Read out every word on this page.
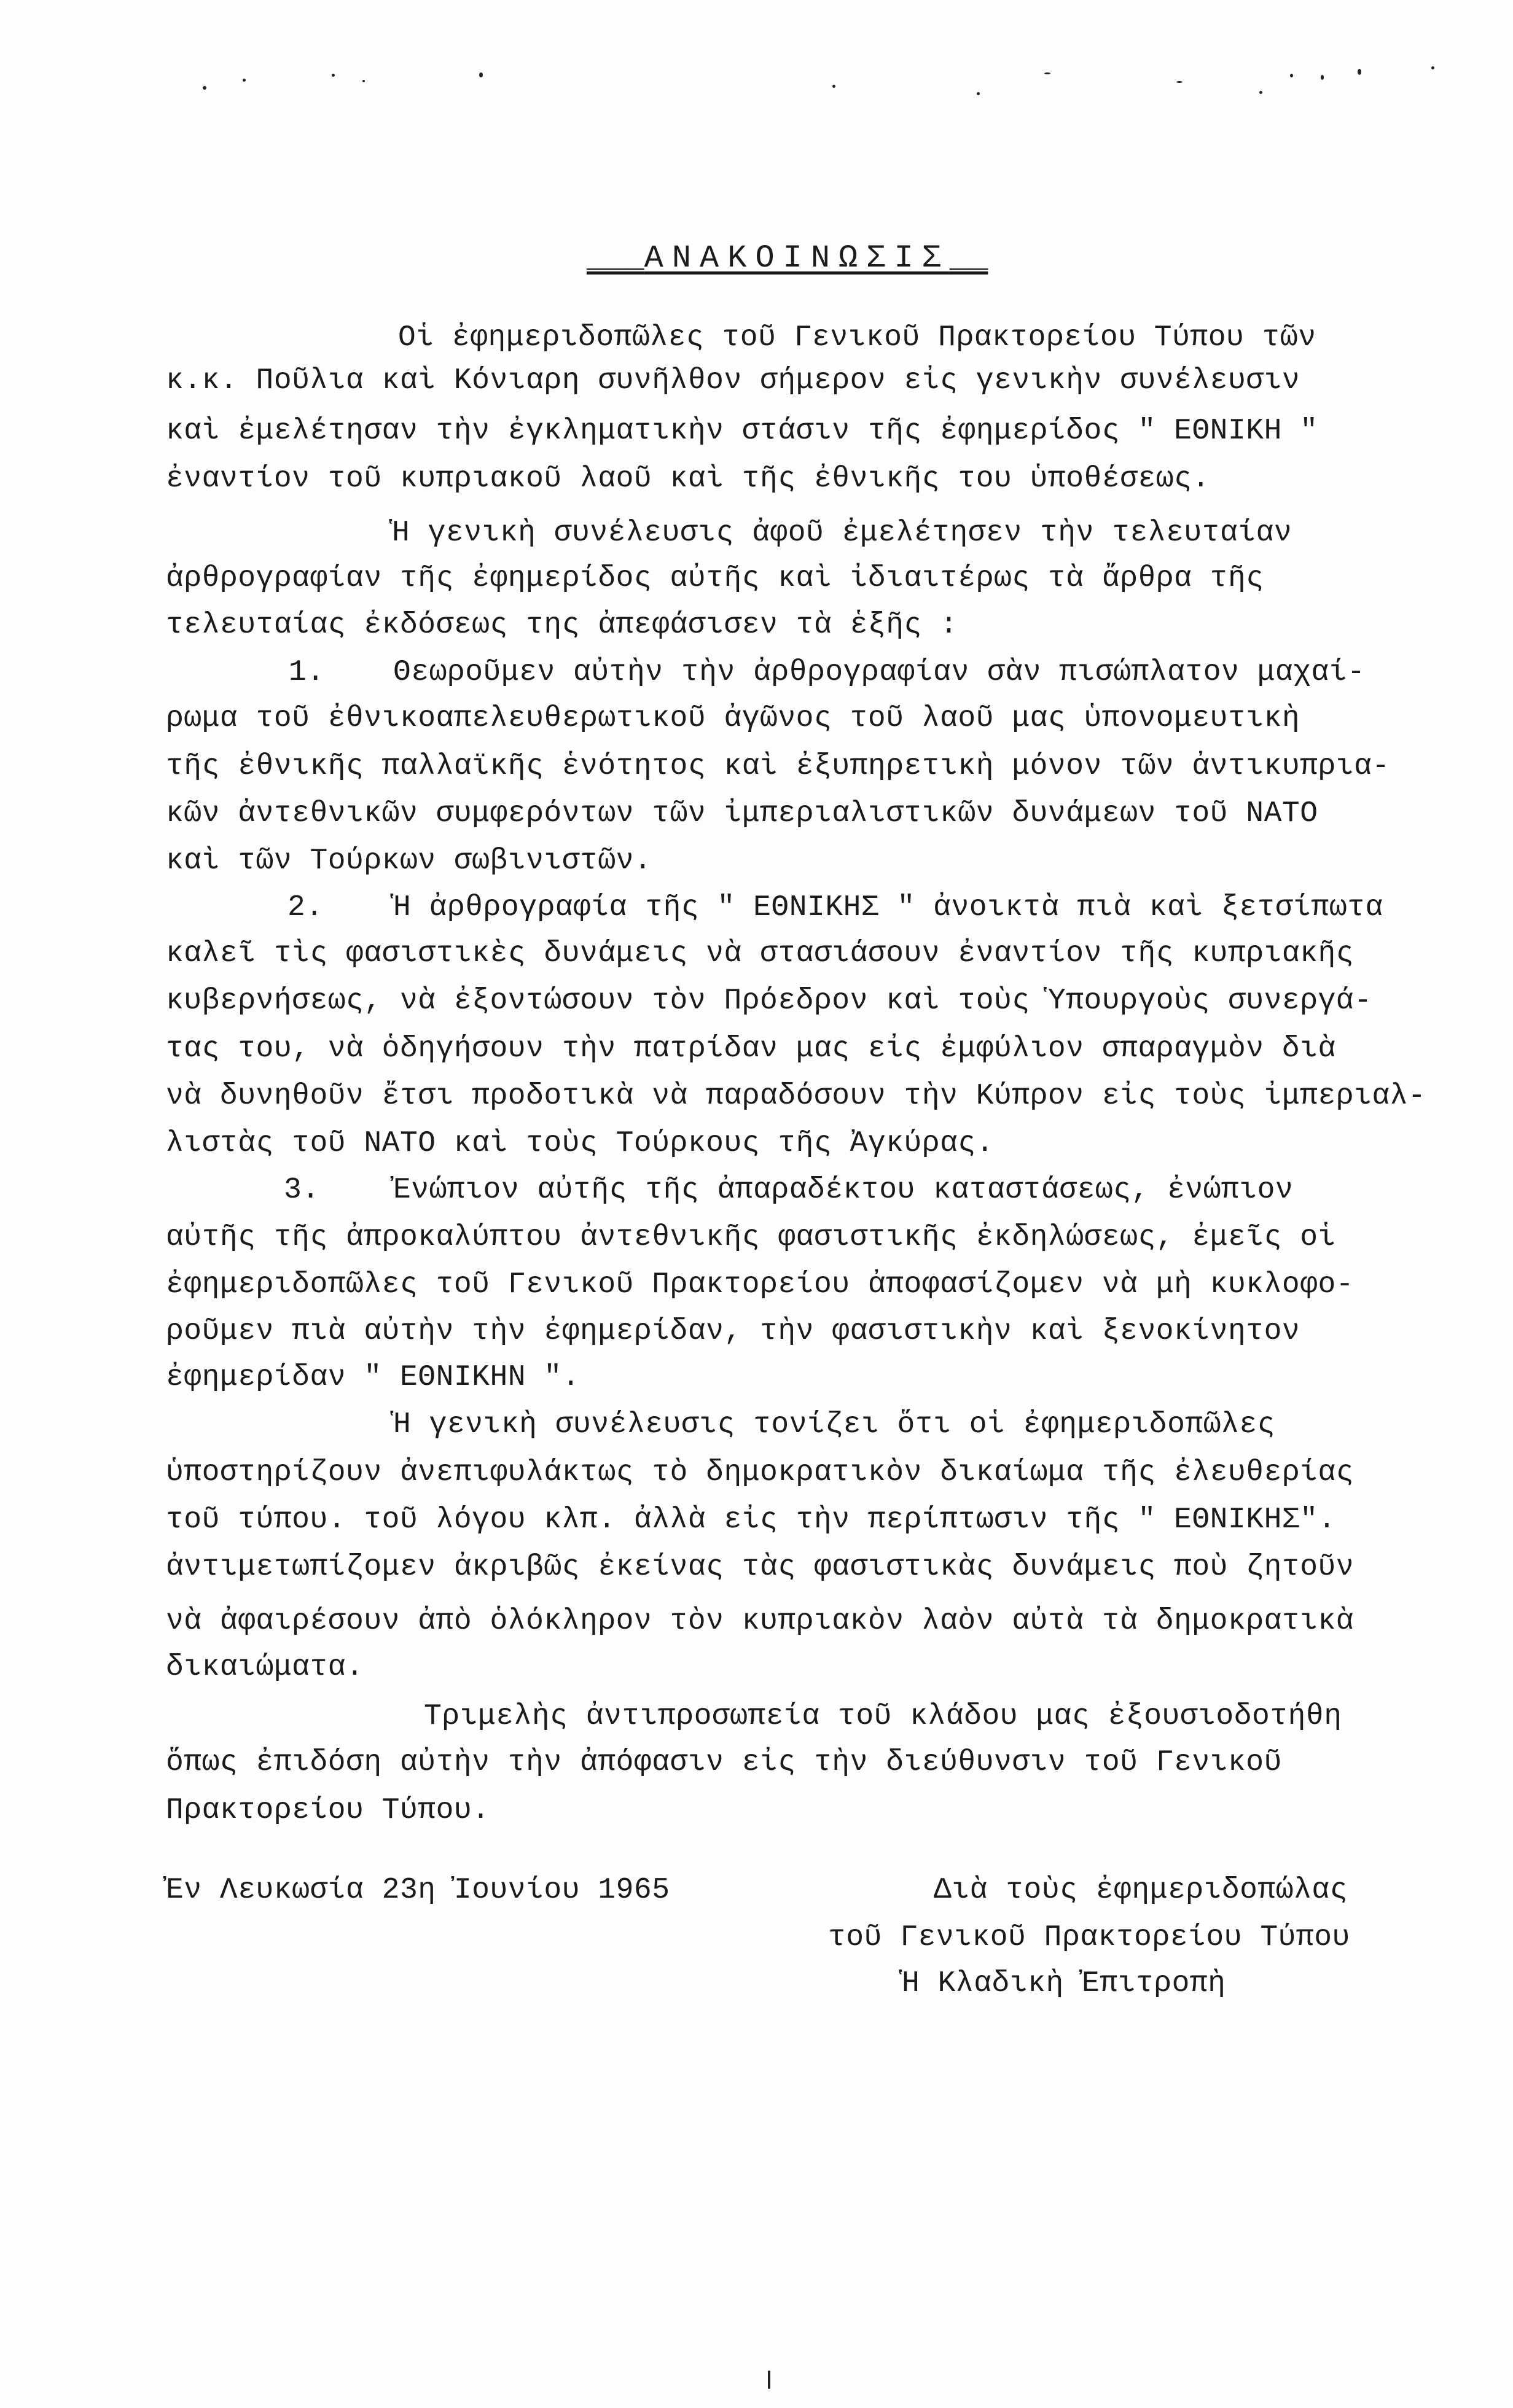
___ΑΝΑΚΟΙΝΩΣΙΣ__
Οἱ ἐφημεριδοπῶλες τοῦ Γενικοῦ Πρακτορείου Τύπου τῶν
κ.κ. Ποῦλια καὶ Κόνιαρη συνῆλθον σήμερον εἰς γενικὴν συνέλευσιν
καὶ ἐμελέτησαν τὴν ἐγκληματικὴν στάσιν τῆς ἐφημερίδος " ΕΘΝΙΚΗ "
ἐναντίον τοῦ κυπριακοῦ λαοῦ καὶ τῆς ἐθνικῆς του ὑποθέσεως.
Ἡ γενικὴ συνέλευσις ἀφοῦ ἐμελέτησεν τὴν τελευταίαν
ἀρθρογραφίαν τῆς ἐφημερίδος αὐτῆς καὶ ἰδιαιτέρως τὰ ἄρθρα τῆς
τελευταίας ἐκδόσεως της ἀπεφάσισεν τὰ ἑξῆς :
1. Θεωροῦμεν αὐτὴν τὴν ἀρθρογραφίαν σὰν πισώπλατον μαχαί-
ρωμα τοῦ ἐθνικοαπελευθερωτικοῦ ἀγῶνος τοῦ λαοῦ μας ὑπονομευτικὴ
τῆς ἐθνικῆς παλλαϊκῆς ἑνότητος καὶ ἐξυπηρετικὴ μόνον τῶν ἀντικυπρια-
κῶν ἀντεθνικῶν συμφερόντων τῶν ἰμπεριαλιστικῶν δυνάμεων τοῦ ΝΑΤΟ
καὶ τῶν Τούρκων σωβινιστῶν.
2. Ἡ ἀρθρογραφία τῆς " ΕΘΝΙΚΗΣ " ἀνοικτὰ πιὰ καὶ ξετσίπωτα
καλεῖ τὶς φασιστικὲς δυνάμεις νὰ στασιάσουν ἐναντίον τῆς κυπριακῆς
κυβερνήσεως, νὰ ἐξοντώσουν τὸν Πρόεδρον καὶ τοὺς Ὑπουργοὺς συνεργά-
τας του, νὰ ὁδηγήσουν τὴν πατρίδαν μας εἰς ἐμφύλιον σπαραγμὸν διὰ
νὰ δυνηθοῦν ἔτσι προδοτικὰ νὰ παραδόσουν τὴν Κύπρον εἰς τοὺς ἰμπεριαλ-
λιστὰς τοῦ ΝΑΤΟ καὶ τοὺς Τούρκους τῆς Ἀγκύρας.
3. Ἐνώπιον αὐτῆς τῆς ἀπαραδέκτου καταστάσεως, ἐνώπιον
αὐτῆς τῆς ἀπροκαλύπτου ἀντεθνικῆς φασιστικῆς ἐκδηλώσεως, ἐμεῖς οἱ
ἐφημεριδοπῶλες τοῦ Γενικοῦ Πρακτορείου ἀποφασίζομεν νὰ μὴ κυκλοφο-
ροῦμεν πιὰ αὐτὴν τὴν ἐφημερίδαν, τὴν φασιστικὴν καὶ ξενοκίνητον
ἐφημερίδαν " ΕΘΝΙΚΗΝ ".
Ἡ γενικὴ συνέλευσις τονίζει ὅτι οἱ ἐφημεριδοπῶλες
ὑποστηρίζουν ἀνεπιφυλάκτως τὸ δημοκρατικὸν δικαίωμα τῆς ἐλευθερίας
τοῦ τύπου. τοῦ λόγου κλπ. ἀλλὰ εἰς τὴν περίπτωσιν τῆς " ΕΘΝΙΚΗΣ".
ἀντιμετωπίζομεν ἀκριβῶς ἐκείνας τὰς φασιστικὰς δυνάμεις ποὺ ζητοῦν
νὰ ἀφαιρέσουν ἀπὸ ὁλόκληρον τὸν κυπριακὸν λαὸν αὐτὰ τὰ δημοκρατικὰ
δικαιώματα.
Τριμελὴς ἀντιπροσωπεία τοῦ κλάδου μας ἐξουσιοδοτήθη
ὅπως ἐπιδόση αὐτὴν τὴν ἀπόφασιν εἰς τὴν διεύθυνσιν τοῦ Γενικοῦ
Πρακτορείου Τύπου.
Ἐν Λευκωσία 23η Ἰουνίου 1965	Διὰ τοὺς ἐφημεριδοπώλας
τοῦ Γενικοῦ Πρακτορείου Τύπου
Ἡ Κλαδικὴ Ἐπιτροπὴ
